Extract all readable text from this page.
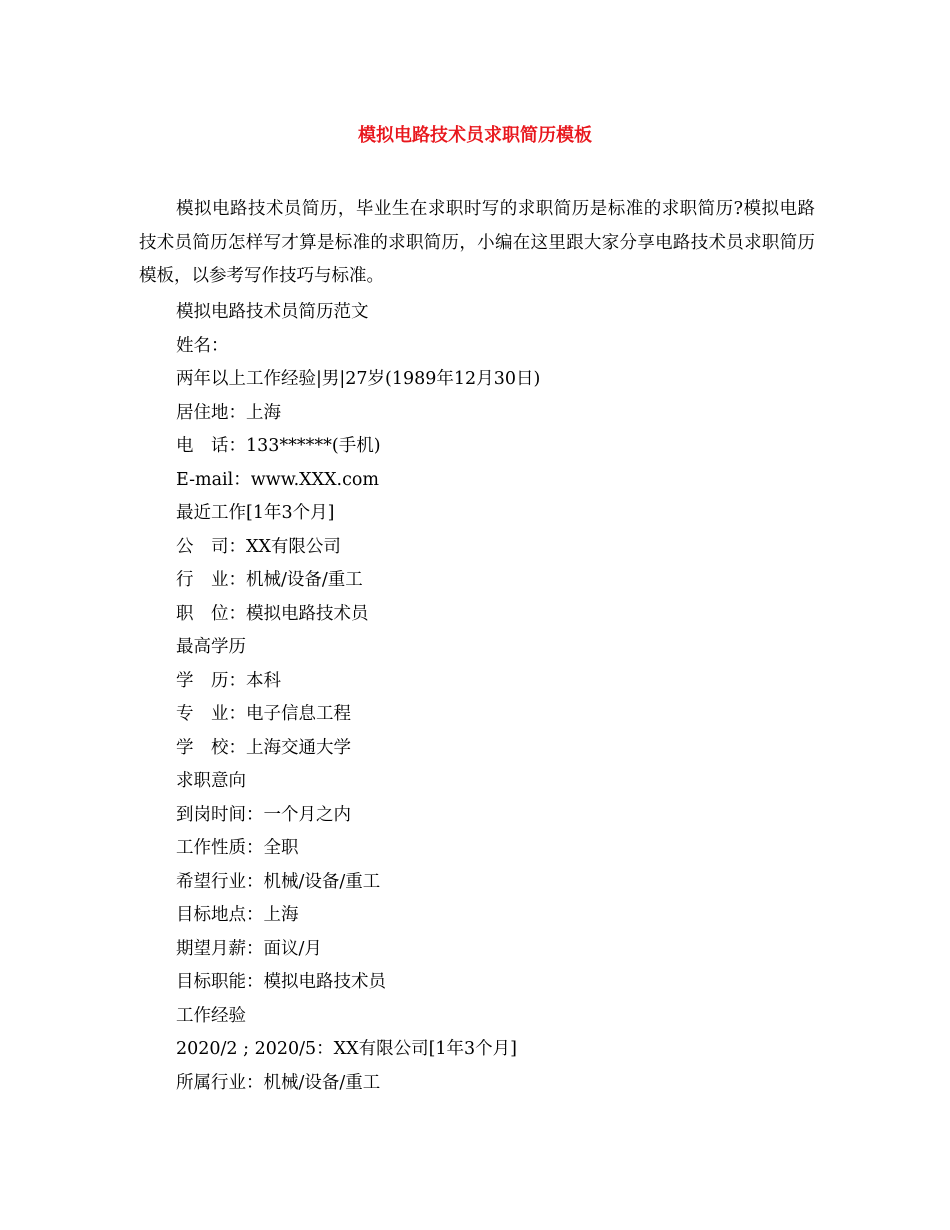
模拟电路技术员求职简历模板

模拟电路技术员简历，毕业生在求职时写的求职简历是标准的求职简历?模拟电路技术员简历怎样写才算是标准的求职简历，小编在这里跟大家分享电路技术员求职简历模板，以参考写作技巧与标准。

模拟电路技术员简历范文
姓名：
两年以上工作经验|男|27岁(1989年12月30日)
居住地：上海
电　话：133******(手机)
E-mail：www.XXX.com
最近工作[1年3个月]
公　司：XX有限公司
行　业：机械/设备/重工
职　位：模拟电路技术员
最高学历
学　历：本科
专　业：电子信息工程
学　校：上海交通大学
求职意向
到岗时间：一个月之内
工作性质：全职
希望行业：机械/设备/重工
目标地点：上海
期望月薪：面议/月
目标职能：模拟电路技术员
工作经验
2020/2 ; 2020/5：XX有限公司[1年3个月]
所属行业：机械/设备/重工
